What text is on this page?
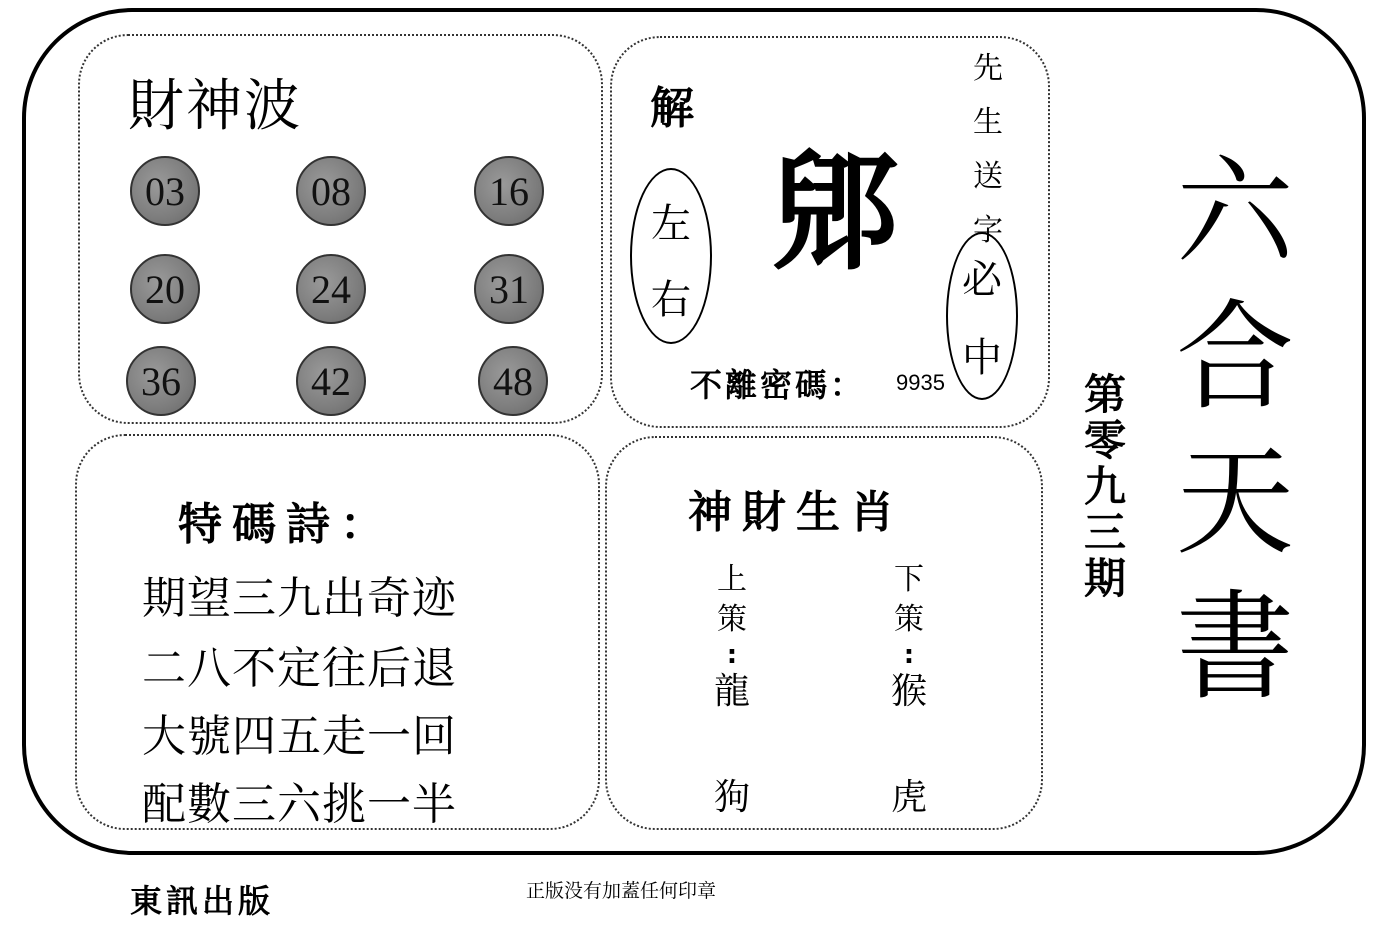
財神波
03	08	16
20	24	31
36	42	48
解
左
右
郳
先
生
送
字
必
中
不離密碼： 9935
特碼詩：
期望三九出奇迹
二八不定往后退
大號四五走一回
配數三六挑一半
神財生肖
上
策
:
龍
狗
下
策
:
猴
虎
六
合
天
書
第
零
九
三
期
東訊出版	正版没有加蓋任何印章
